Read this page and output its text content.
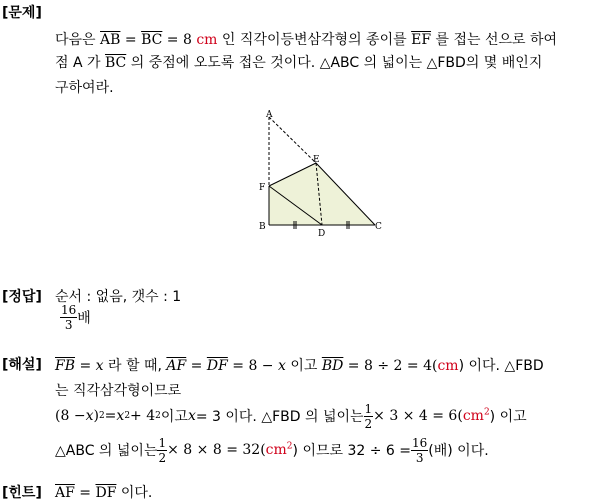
[문제]
다음은 $\overline{AB} = \overline{BC} = 8$ cm 인 직각이등변삼각형의 종이를 $\overline{EF}$ 를 접는 선으로 하여
점 A 가 $\overline{BC}$ 의 중점에 오도록 접은 것이다. △ABC 의 넓이는 △FBD의 몇 배인지
구하여라.
A
E
F
B
D
C
[정답] 순서 : 없음, 갯수 : 1
$\frac{16}{3}$ 배
[해설] $\overline{FB} = x$ 라 할 때, $\overline{AF} = \overline{DF} = 8 - x$ 이고 $\overline{BD} = 8 \div 2 = 4(cm)$ 이다. △FBD
는 직각삼각형이므로
(8 − x ) 2 = x 2 + 4 2 이고 x = 3 이다. △FBD 의 넓이는 $\frac{1}{2} \times 3 \times 4 = 6$( $cm^2$ ) 이고
△ABC 의 넓이는 $\frac{1}{2} \times 8 \times 8 = 32$( $cm^2$ ) 이므로 $32 \div 6 = \frac{16}{3}$ (배) 이다.
[힌트] $\overline{AF} = \overline{DF}$ 이다.
